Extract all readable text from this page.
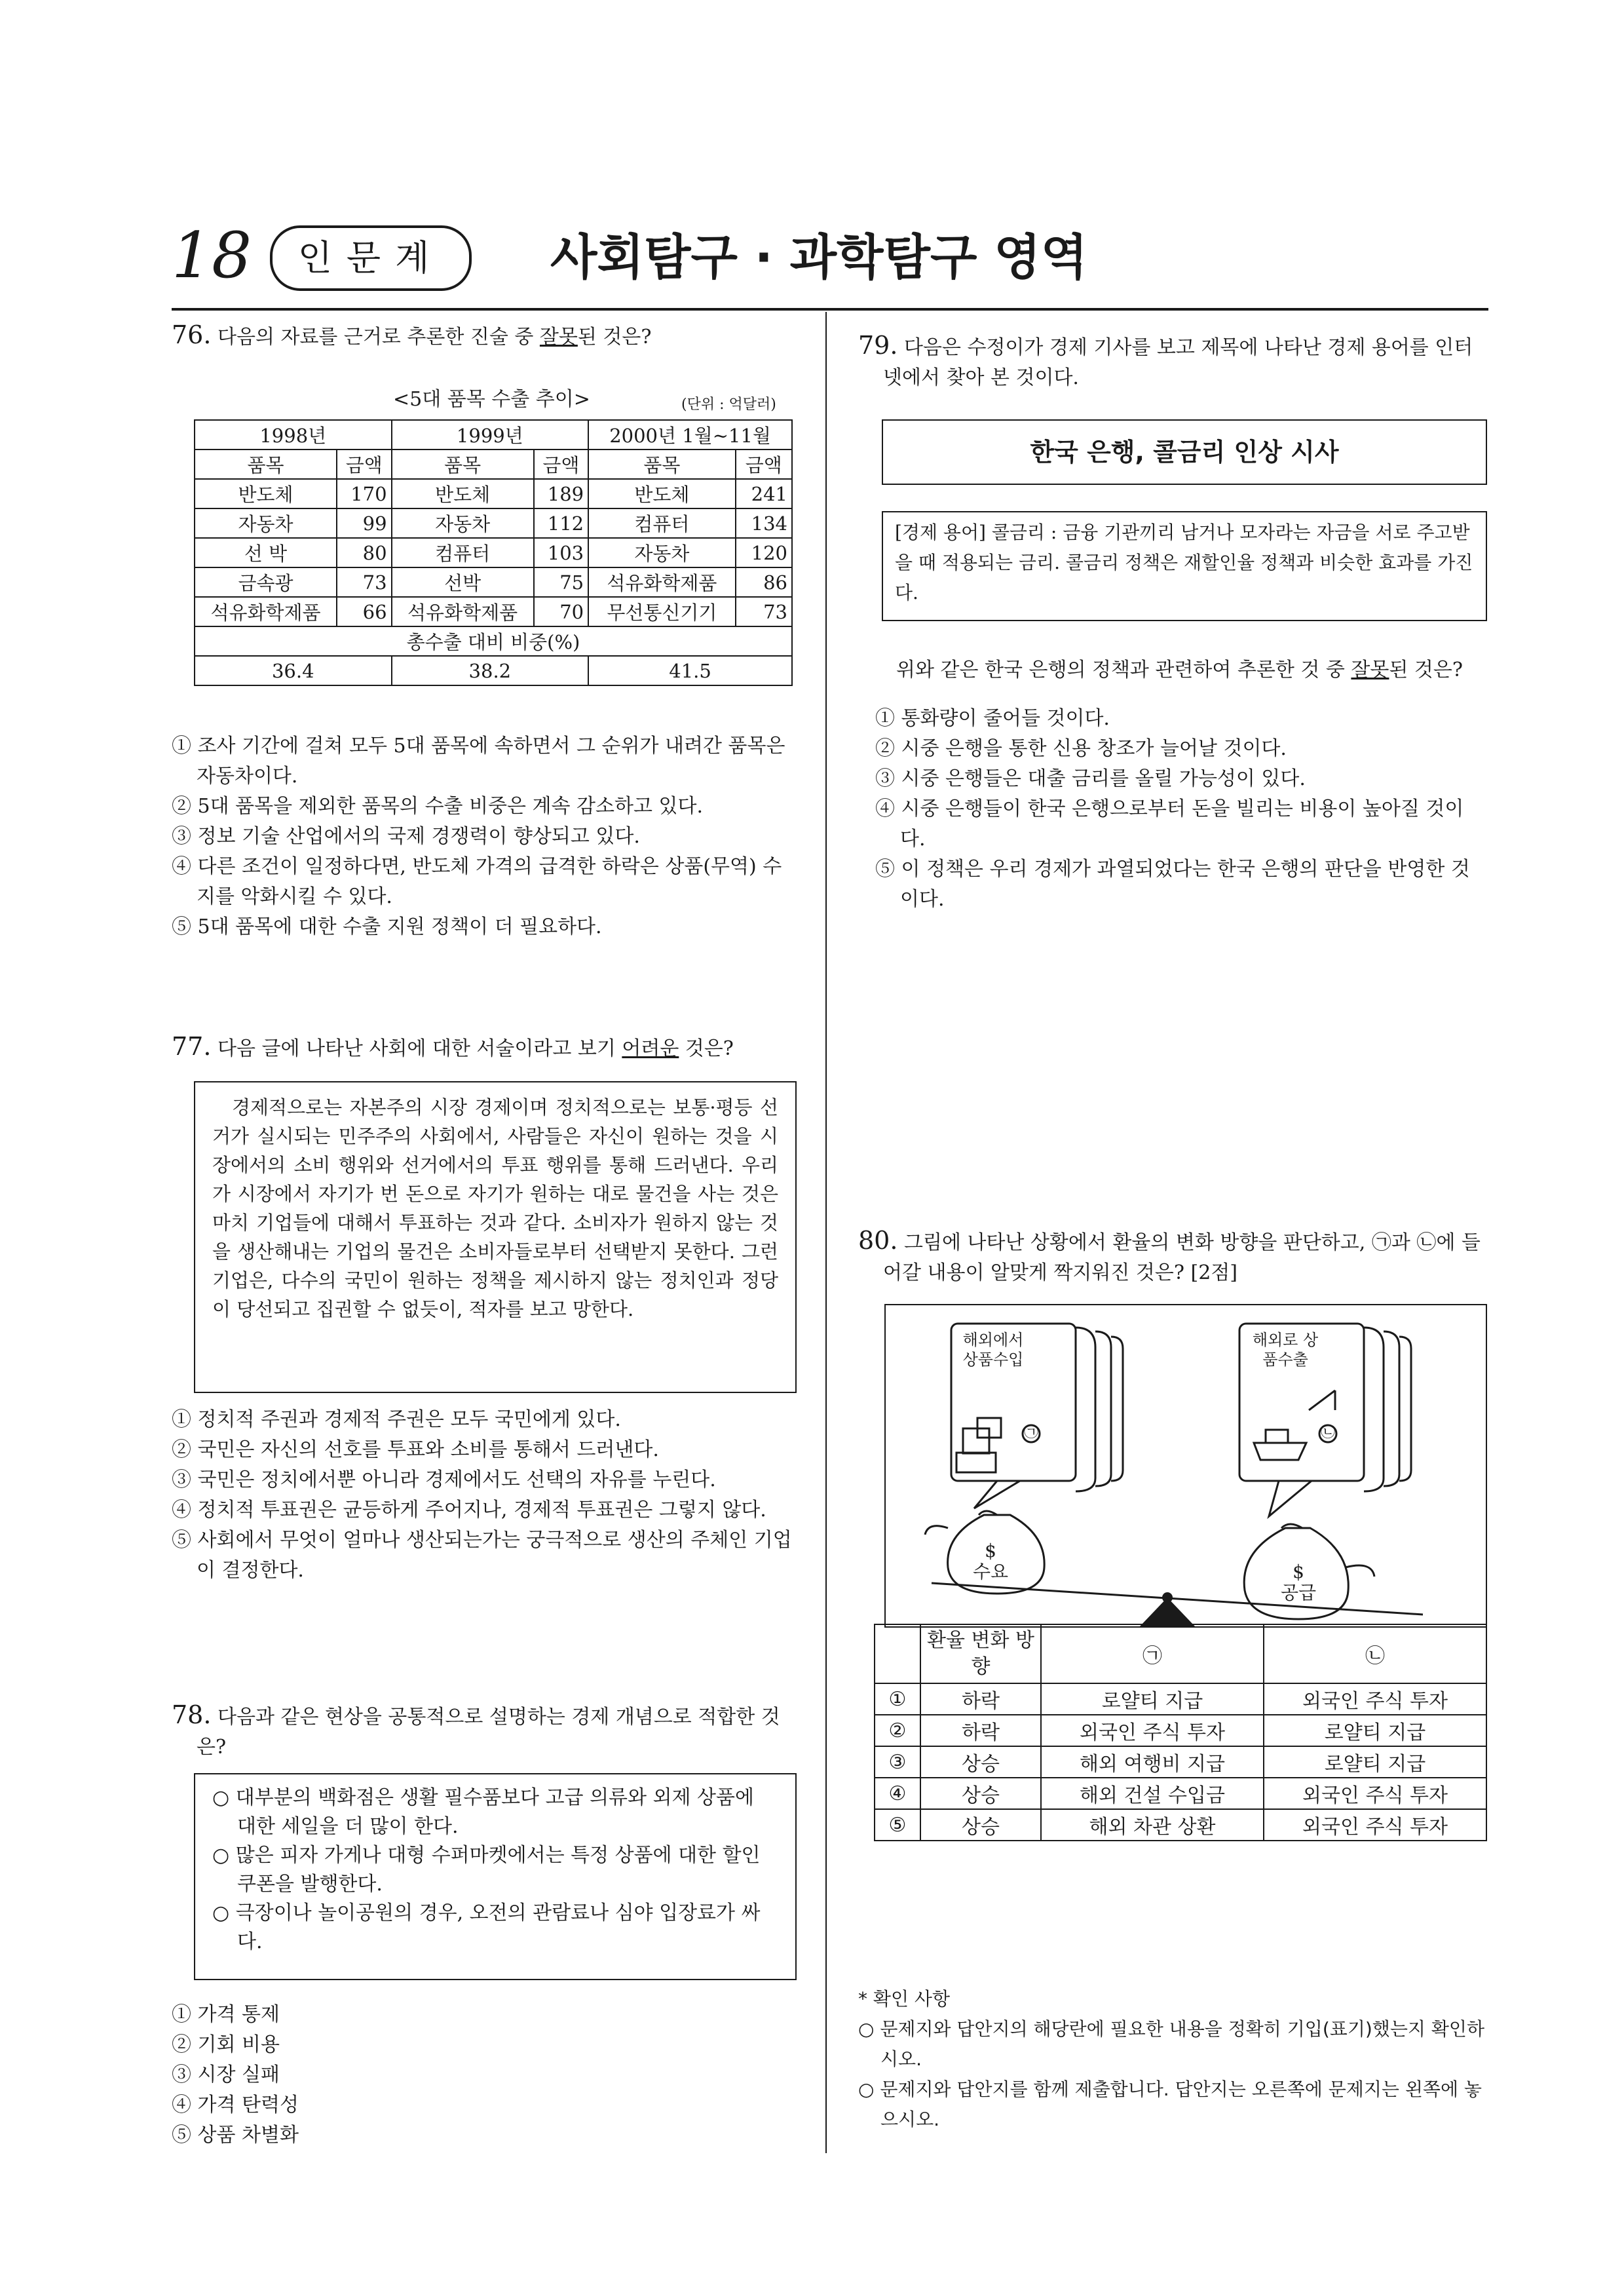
18	인문계	사회탐구 · 과학탐구 영역
76. 다음의 자료를 근거로 추론한 진술 중 잘못된 것은?
<5대 품목 수출 추이>	(단위 : 억달러)
1998년		1999년		2000년 1월~11월	
품목	금액	품목	금액	품목	금액
반도체	170	반도체	189	반도체	241
자동차	99	자동차	112	컴퓨터	134
선 박	80	컴퓨터	103	자동차	120
금속광	73	선박	75	석유화학제품	86
석유화학제품	66	석유화학제품	70	무선통신기기	73
총수출 대비 비중(%)					
36.4		38.2		41.5	
① 조사 기간에 걸쳐 모두 5대 품목에 속하면서 그 순위가 내려간 품목은 자동차이다.
② 5대 품목을 제외한 품목의 수출 비중은 계속 감소하고 있다.
③ 정보 기술 산업에서의 국제 경쟁력이 향상되고 있다.
④ 다른 조건이 일정하다면, 반도체 가격의 급격한 하락은 상품(무역) 수지를 악화시킬 수 있다.
⑤ 5대 품목에 대한 수출 지원 정책이 더 필요하다.
77. 다음 글에 나타난 사회에 대한 서술이라고 보기 어려운 것은?
경제적으로는 자본주의 시장 경제이며 정치적으로는 보통·평등 선거가 실시되는 민주주의 사회에서, 사람들은 자신이 원하는 것을 시장에서의 소비 행위와 선거에서의 투표 행위를 통해 드러낸다. 우리가 시장에서 자기가 번 돈으로 자기가 원하는 대로 물건을 사는 것은 마치 기업들에 대해서 투표하는 것과 같다. 소비자가 원하지 않는 것을 생산해내는 기업의 물건은 소비자들로부터 선택받지 못한다. 그런 기업은, 다수의 국민이 원하는 정책을 제시하지 않는 정치인과 정당이 당선되고 집권할 수 없듯이, 적자를 보고 망한다.
① 정치적 주권과 경제적 주권은 모두 국민에게 있다.
② 국민은 자신의 선호를 투표와 소비를 통해서 드러낸다.
③ 국민은 정치에서뿐 아니라 경제에서도 선택의 자유를 누린다.
④ 정치적 투표권은 균등하게 주어지나, 경제적 투표권은 그렇지 않다.
⑤ 사회에서 무엇이 얼마나 생산되는가는 궁극적으로 생산의 주체인 기업이 결정한다.
78. 다음과 같은 현상을 공통적으로 설명하는 경제 개념으로 적합한 것은?
○ 대부분의 백화점은 생활 필수품보다 고급 의류와 외제 상품에 대한 세일을 더 많이 한다.
○ 많은 피자 가게나 대형 수퍼마켓에서는 특정 상품에 대한 할인 쿠폰을 발행한다.
○ 극장이나 놀이공원의 경우, 오전의 관람료나 심야 입장료가 싸다.
① 가격 통제
② 기회 비용
③ 시장 실패
④ 가격 탄력성
⑤ 상품 차별화
79. 다음은 수정이가 경제 기사를 보고 제목에 나타난 경제 용어를 인터넷에서 찾아 본 것이다.
한국 은행, 콜금리 인상 시사
[경제 용어] 콜금리 : 금융 기관끼리 남거나 모자라는 자금을 서로 주고받을 때 적용되는 금리. 콜금리 정책은 재할인율 정책과 비슷한 효과를 가진다.
위와 같은 한국 은행의 정책과 관련하여 추론한 것 중 잘못된 것은?
① 통화량이 줄어들 것이다.
② 시중 은행을 통한 신용 창조가 늘어날 것이다.
③ 시중 은행들은 대출 금리를 올릴 가능성이 있다.
④ 시중 은행들이 한국 은행으로부터 돈을 빌리는 비용이 높아질 것이다.
⑤ 이 정책은 우리 경제가 과열되었다는 한국 은행의 판단을 반영한 것이다.
80. 그림에 나타난 상황에서 환율의 변화 방향을 판단하고, ㉠과 ㉡에 들어갈 내용이 알맞게 짝지워진 것은? [2점]
해외에서 상품수입
㉠
해외로 상품수출
㉡
$
수요	$
공급
	환율 변화 방향	㉠	㉡
①	하락	로얄티 지급	외국인 주식 투자
②	하락	외국인 주식 투자	로얄티 지급
③	상승	해외 여행비 지급	로얄티 지급
④	상승	해외 건설 수입금	외국인 주식 투자
⑤	상승	해외 차관 상환	외국인 주식 투자
* 확인 사항
○ 문제지와 답안지의 해당란에 필요한 내용을 정확히 기입(표기)했는지 확인하시오.
○ 문제지와 답안지를 함께 제출합니다. 답안지는 오른쪽에 문제지는 왼쪽에 놓으시오.
